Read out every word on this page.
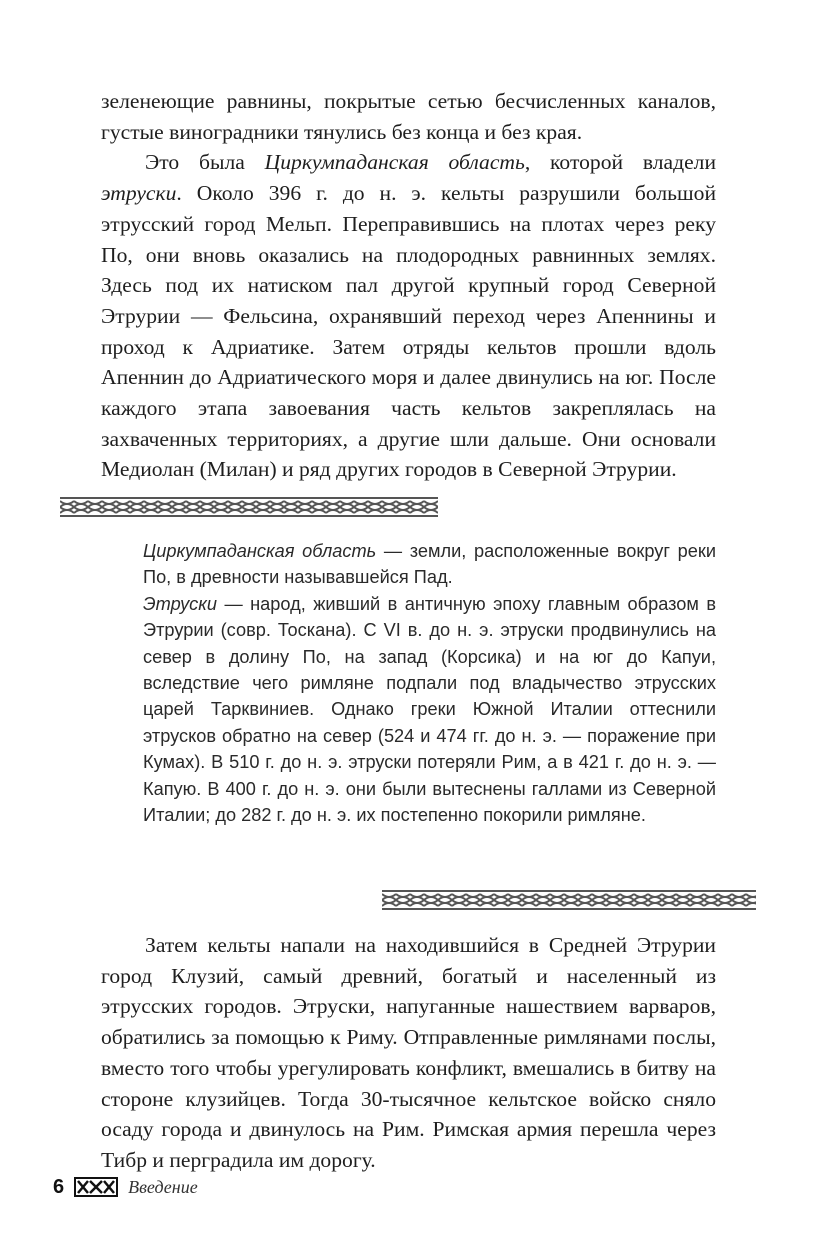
зеленеющие равнины, покрытые сетью бесчисленных каналов, густые виноградники тянулись без конца и без края.

Это была Циркумпаданская область, которой владели этруски. Около 396 г. до н. э. кельты разрушили большой этрусский город Мельп. Переправившись на плотах через реку По, они вновь оказались на плодородных равнинных землях. Здесь под их натиском пал другой крупный город Северной Этрурии — Фельсина, охранявший переход через Апеннины и проход к Адриатике. Затем отряды кельтов прошли вдоль Апеннин до Адриатического моря и далее двинулись на юг. После каждого этапа завоевания часть кельтов закреплялась на захваченных территориях, а другие шли дальше. Они основали Медиолан (Милан) и ряд других городов в Северной Этрурии.

Циркумпаданская область — земли, расположенные вокруг реки По, в древности называвшейся Пад.

Этруски — народ, живший в античную эпоху главным образом в Этрурии (совр. Тоскана). С VI в. до н. э. этруски продвинулись на север в долину По, на запад (Корсика) и на юг до Капуи, вследствие чего римляне подпали под владычество этрусских царей Тарквиниев. Однако греки Южной Италии оттеснили этрусков обратно на север (524 и 474 гг. до н. э. — поражение при Кумах). В 510 г. до н. э. этруски потеряли Рим, а в 421 г. до н. э. — Капую. В 400 г. до н. э. они были вытеснены галлами из Северной Италии; до 282 г. до н. э. их постепенно покорили римляне.

Затем кельты напали на находившийся в Средней Этрурии город Клузий, самый древний, богатый и населенный из этрусских городов. Этруски, напуганные нашествием варваров, обратились за помощью к Риму. Отправленные римлянами послы, вместо того чтобы урегулировать конфликт, вмешались в битву на стороне клузийцев. Тогда 30-тысячное кельтское войско сняло осаду города и двинулось на Рим. Римская армия перешла через Тибр и перградила им дорогу.

6	Введение
